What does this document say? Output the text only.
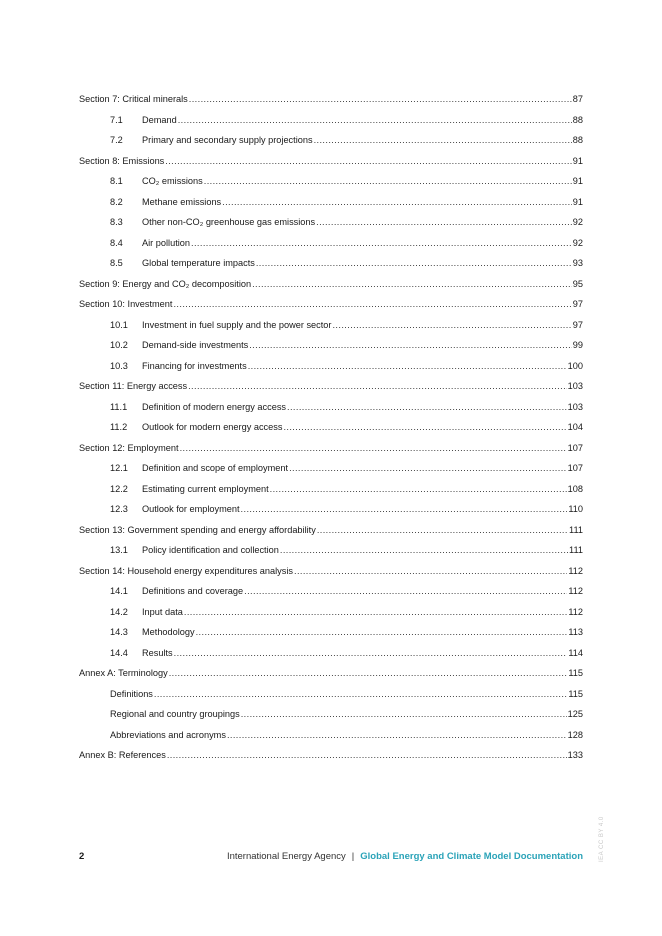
Section 7: Critical minerals .....	87
7.1	Demand .....	88
7.2	Primary and secondary supply projections .....	88
Section 8: Emissions .....	91
8.1	CO₂ emissions .....	91
8.2	Methane emissions .....	91
8.3	Other non-CO₂ greenhouse gas emissions .....	92
8.4	Air pollution .....	92
8.5	Global temperature impacts .....	93
Section 9: Energy and CO₂ decomposition .....	95
Section 10: Investment .....	97
10.1	Investment in fuel supply and the power sector .....	97
10.2	Demand-side investments .....	99
10.3	Financing for investments .....	100
Section 11: Energy access .....	103
11.1	Definition of modern energy access .....	103
11.2	Outlook for modern energy access .....	104
Section 12: Employment .....	107
12.1	Definition and scope of employment .....	107
12.2	Estimating current employment .....	108
12.3	Outlook for employment .....	110
Section 13: Government spending and energy affordability .....	111
13.1	Policy identification and collection .....	111
Section 14: Household energy expenditures analysis .....	112
14.1	Definitions and coverage .....	112
14.2	Input data .....	112
14.3	Methodology .....	113
14.4	Results .....	114
Annex A: Terminology .....	115
Definitions .....	115
Regional and country groupings .....	125
Abbreviations and acronyms .....	128
Annex B: References .....	133
2	International Energy Agency | Global Energy and Climate Model Documentation	IEA CC BY 4.0
